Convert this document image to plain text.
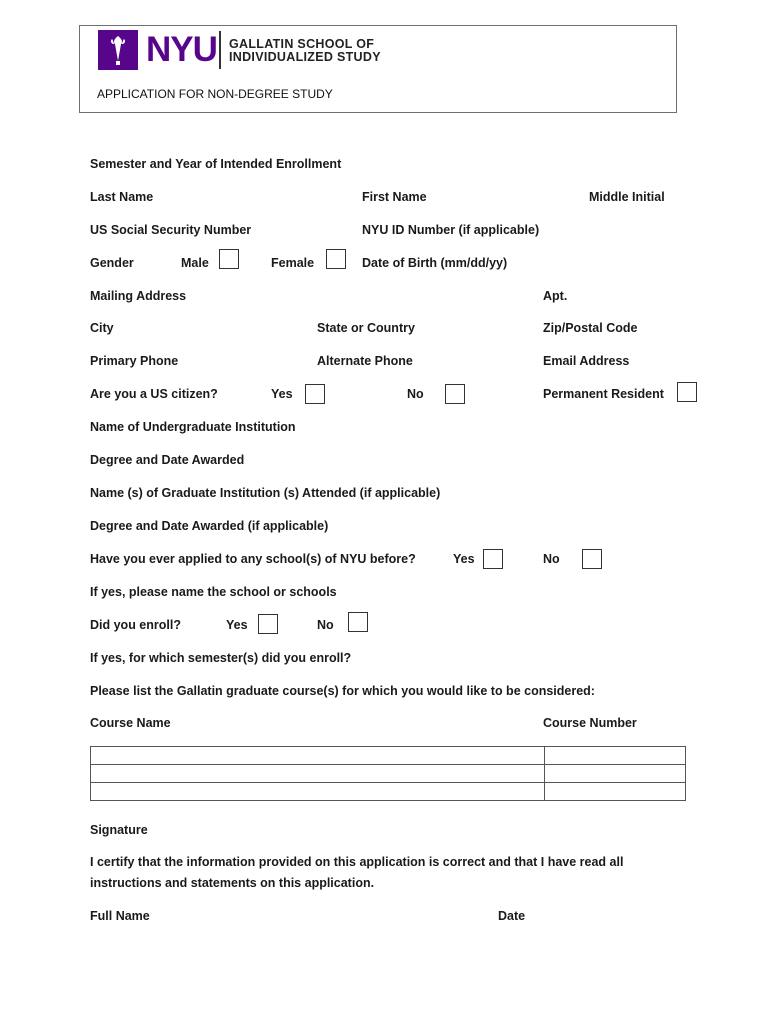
NYU GALLATIN SCHOOL OF
INDIVIDUALIZED STUDY
APPLICATION FOR NON-DEGREE STUDY
Semester and Year of Intended Enrollment
Last Name	First Name	Middle Initial
US Social Security Number	NYU ID Number (if applicable)
Gender	Male	Female	Date of Birth (mm/dd/yy)
Mailing Address	Apt.
City	State or Country	Zip/Postal Code
Primary Phone	Alternate Phone	Email Address
Are you a US citizen?	Yes	No	Permanent Resident
Name of Undergraduate Institution
Degree and Date Awarded
Name (s) of Graduate Institution (s) Attended (if applicable)
Degree and Date Awarded (if applicable)
Have you ever applied to any school(s) of NYU before?	Yes	No
If yes, please name the school or schools
Did you enroll?	Yes	No
If yes, for which semester(s) did you enroll?
Please list the Gallatin graduate course(s) for which you would like to be considered:
Course Name	Course Number

Signature
I certify that the information provided on this application is correct and that I have read all
instructions and statements on this application.
Full Name	Date
